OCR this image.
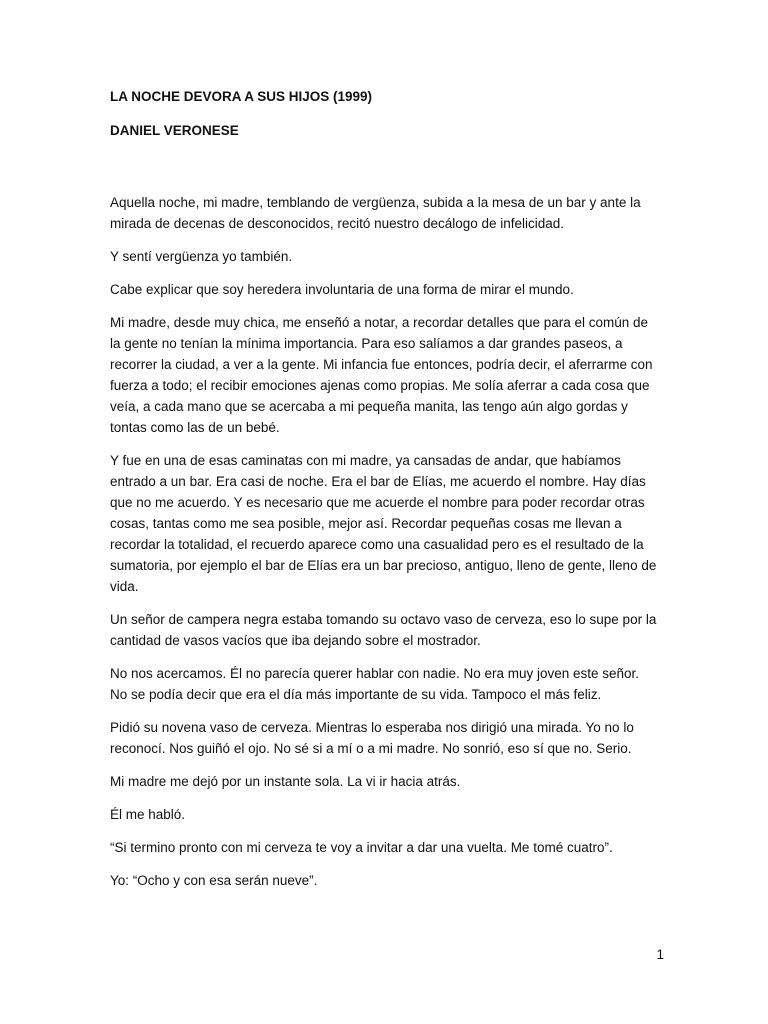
LA NOCHE DEVORA A SUS HIJOS (1999)
DANIEL VERONESE

Aquella noche, mi madre, temblando de vergüenza, subida a la mesa de un bar y ante la mirada de decenas de desconocidos, recitó nuestro decálogo de infelicidad.

Y sentí vergüenza yo también.

Cabe explicar que soy heredera involuntaria de una forma de mirar el mundo.

Mi madre, desde muy chica, me enseñó a notar, a recordar detalles que para el común de la gente no tenían la mínima importancia. Para eso salíamos a dar grandes paseos, a recorrer la ciudad, a ver a la gente. Mi infancia fue entonces, podría decir, el aferrarme con fuerza a todo; el recibir emociones ajenas como propias. Me solía aferrar a cada cosa que veía, a cada mano que se acercaba a mi pequeña manita, las tengo aún algo gordas y tontas como las de un bebé.

Y fue en una de esas caminatas con mi madre, ya cansadas de andar, que habíamos entrado a un bar. Era casi de noche. Era el bar de Elías, me acuerdo el nombre. Hay días que no me acuerdo. Y es necesario que me acuerde el nombre para poder recordar otras cosas, tantas como me sea posible, mejor así. Recordar pequeñas cosas me llevan a recordar la totalidad, el recuerdo aparece como una casualidad pero es el resultado de la sumatoria, por ejemplo el bar de Elías era un bar precioso, antiguo, lleno de gente, lleno de vida.

Un señor de campera negra estaba tomando su octavo vaso de cerveza, eso lo supe por la cantidad de vasos vacíos que iba dejando sobre el mostrador.

No nos acercamos. Él no parecía querer hablar con nadie. No era muy joven este señor. No se podía decir que era el día más importante de su vida. Tampoco el más feliz.

Pidió su novena vaso de cerveza. Mientras lo esperaba nos dirigió una mirada. Yo no lo reconocí. Nos guiñó el ojo. No sé si a mí o a mi madre. No sonrió, eso sí que no. Serio.

Mi madre me dejó por un instante sola. La vi ir hacia atrás.

Él me habló.

“Si termino pronto con mi cerveza te voy a invitar a dar una vuelta. Me tomé cuatro”.

Yo: “Ocho y con esa serán nueve”.

1
